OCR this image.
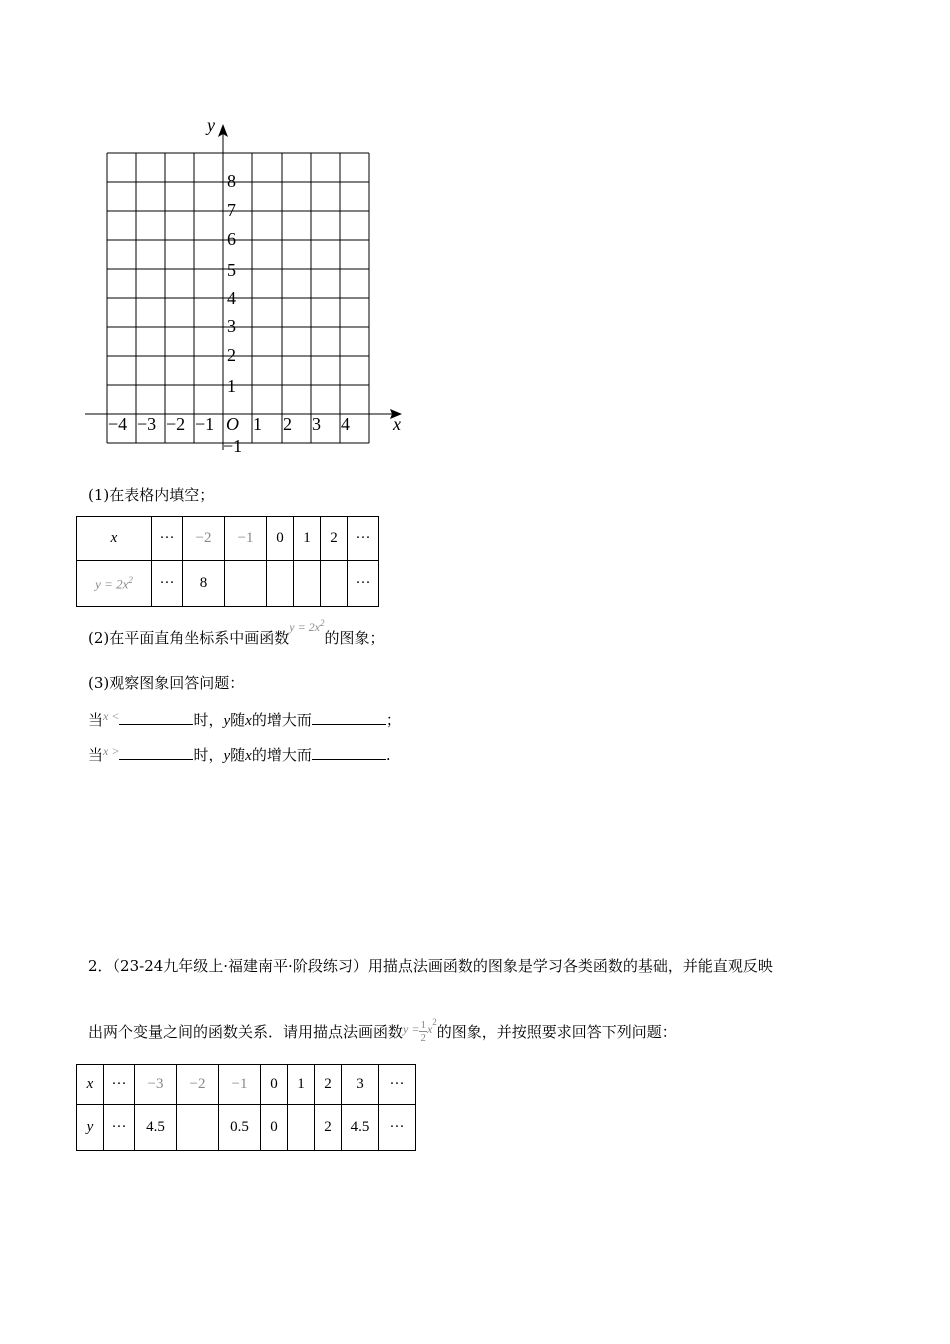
y
x
O
−4 −3 −2 −1 1 2 3 4
8
7
6
5
4
3
2
1
−1
(1)在表格内填空；
x	···	−2	−1	0	1	2	···
$y = 2x^2$	···	8					···
(2)在平面直角坐标系中画函数$^{y = 2x^2}$的图象；
(3)观察图象回答问题：
当$^{x <}$	时，y随x的增大而	；
当$^{x >}$	时，y随x的增大而	.
2．（23-24九年级上·福建南平·阶段练习）用描点法画函数的图象是学习各类函数的基础，并能直观反映
出两个变量之间的函数关系．请用描点法画函数$^{y =} \frac{1}{2} ^{x2}$的图象，并按照要求回答下列问题：
x	···	−3	−2	−1	0	1	2	3	···
y	···	4.5		0.5	0		2	4.5	···
